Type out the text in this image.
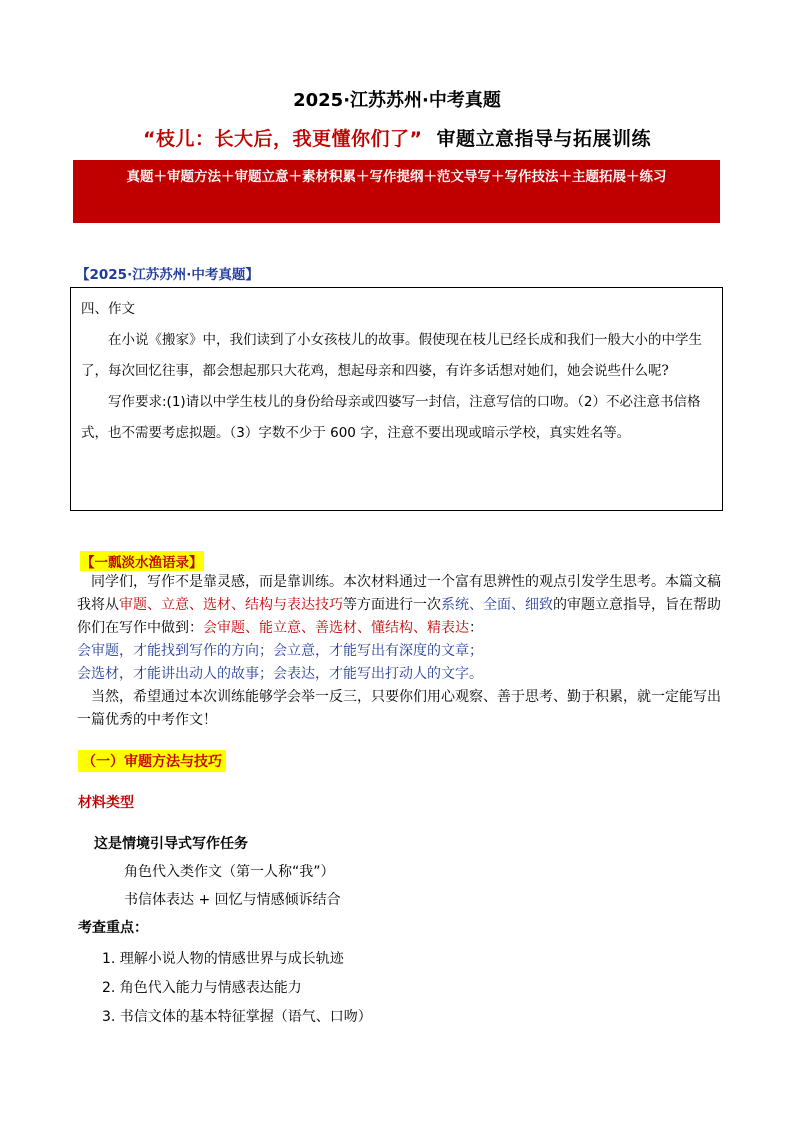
2025·江苏苏州·中考真题
“枝儿：长大后，我更懂你们了” 审题立意指导与拓展训练
真题＋审题方法＋审题立意＋素材积累＋写作提纲＋范文导写＋写作技法＋主题拓展＋练习
【2025·江苏苏州·中考真题】

四、作文

在小说《搬家》中，我们读到了小女孩枝儿的故事。假使现在枝儿已经长成和我们一般大小的中学生了，每次回忆往事，都会想起那只大花鸡，想起母亲和四婆，有许多话想对她们，她会说些什么呢?

写作要求:(1)请以中学生枝儿的身份给母亲或四婆写一封信，注意写信的口吻。（2）不必注意书信格式，也不需要考虑拟题。（3）字数不少于 600 字，注意不要出现或暗示学校，真实姓名等。

【一瓢淡水渔语录】

同学们，写作不是靠灵感，而是靠训练。本次材料通过一个富有思辨性的观点引发学生思考。本篇文稿我将从审题、立意、选材、结构与表达技巧等方面进行一次系统、全面、细致的审题立意指导，旨在帮助你们在写作中做到：会审题、能立意、善选材、懂结构、精表达：

会审题，才能找到写作的方向；会立意，才能写出有深度的文章；

会选材，才能讲出动人的故事；会表达，才能写出打动人的文字。

当然，希望通过本次训练能够学会举一反三，只要你们用心观察、善于思考、勤于积累，就一定能写出一篇优秀的中考作文！

（一）审题方法与技巧
材料类型
这是情境引导式写作任务
角色代入类作文（第一人称“我”）
书信体表达 + 回忆与情感倾诉结合
考查重点：
1. 理解小说人物的情感世界与成长轨迹
2. 角色代入能力与情感表达能力
3. 书信文体的基本特征掌握（语气、口吻）
